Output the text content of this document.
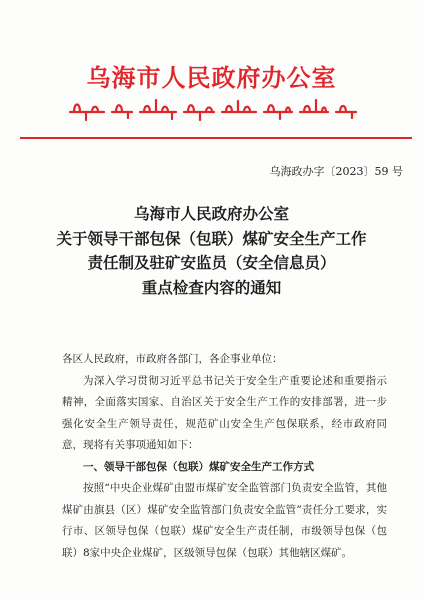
乌海市人民政府办公室
乌海政办字〔2023〕59 号
乌海市人民政府办公室
关于领导干部包保（包联）煤矿安全生产工作
责任制及驻矿安监员（安全信息员）
重点检查内容的通知
各区人民政府，市政府各部门，各企事业单位：
为深入学习贯彻习近平总书记关于安全生产重要论述和重要指示精神，全面落实国家、自治区关于安全生产工作的安排部署，进一步强化安全生产领导责任，规范矿山安全生产包保联系，经市政府同意，现将有关事项通知如下：
一、领导干部包保（包联）煤矿安全生产工作方式
按照“中央企业煤矿由盟市煤矿安全监管部门负责安全监管，其他煤矿由旗县（区）煤矿安全监管部门负责安全监管”责任分工要求，实行市、区领导包保（包联）煤矿安全生产责任制，市级领导包保（包联）8家中央企业煤矿，区级领导包保（包联）其他辖区煤矿。
